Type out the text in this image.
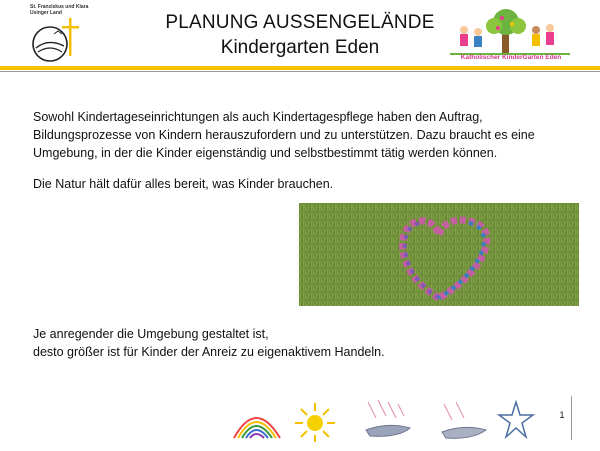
St. Franziskus und Klara
Usinger Land	PLANUNG AUSSENGELÄNDE
Kindergarten Eden	Katholischer KinderGarten Eden
Sowohl Kindertageseinrichtungen als auch Kindertagespflege haben den Auftrag, Bildungsprozesse von Kindern herauszufordern und zu unterstützen. Dazu braucht es eine Umgebung, in der die Kinder eigenständig und selbstbestimmt tätig werden können.
Die Natur hält dafür alles bereit, was Kinder brauchen.
Je anregender die Umgebung gestaltet ist,
desto größer ist für Kinder der Anreiz zu eigenaktivem Handeln.
1
